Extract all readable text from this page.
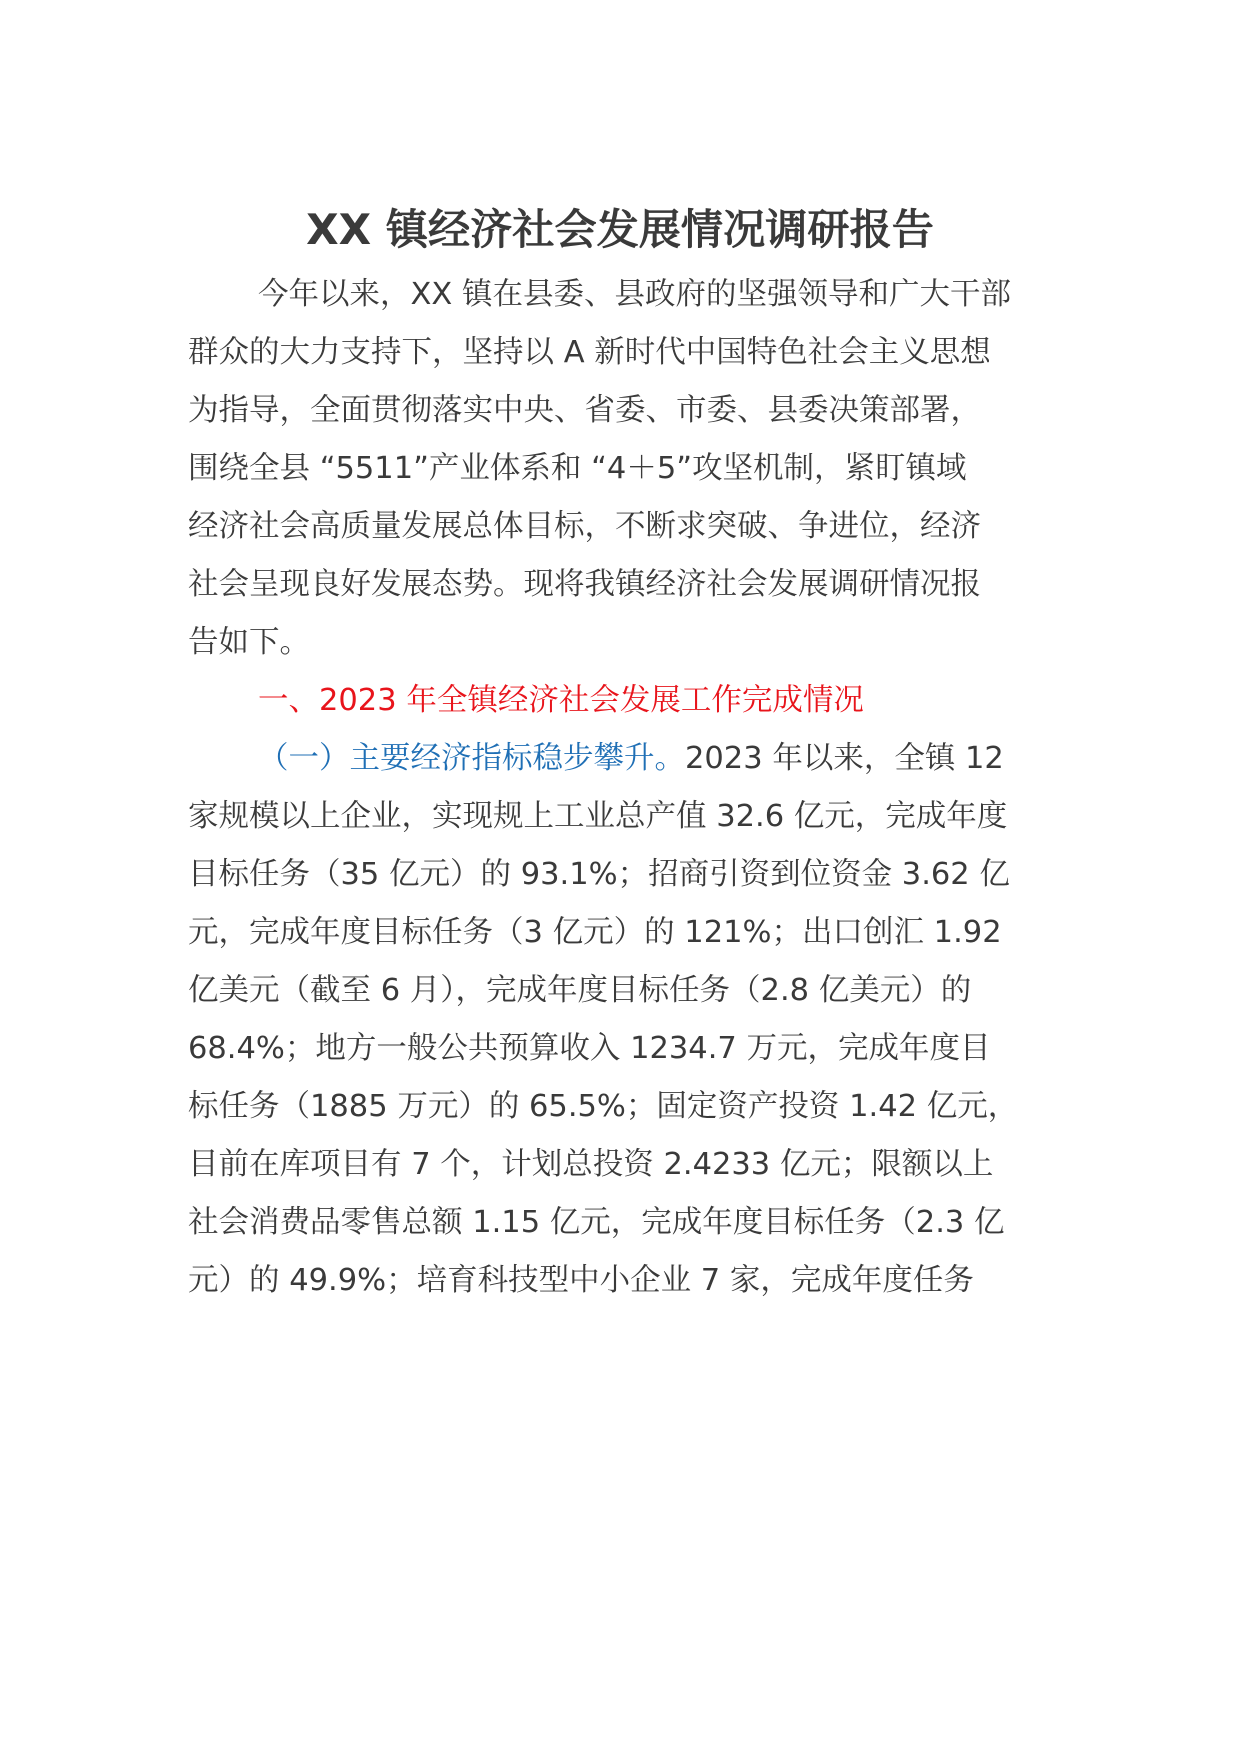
XX 镇经济社会发展情况调研报告

今年以来，XX 镇在县委、县政府的坚强领导和广大干部

群众的大力支持下，坚持以 A 新时代中国特色社会主义思想

为指导，全面贯彻落实中央、省委、市委、县委决策部署，

围绕全县 “5511”产业体系和 “4＋5”攻坚机制，紧盯镇域

经济社会高质量发展总体目标，不断求突破、争进位，经济

社会呈现良好发展态势。现将我镇经济社会发展调研情况报

告如下。

一、2023 年全镇经济社会发展工作完成情况

（一）主要经济指标稳步攀升。2023 年以来，全镇 12

家规模以上企业，实现规上工业总产值 32.6 亿元，完成年度

目标任务（35 亿元）的 93.1%；招商引资到位资金 3.62 亿

元，完成年度目标任务（3 亿元）的 121%；出口创汇 1.92

亿美元（截至 6 月），完成年度目标任务（2.8 亿美元）的

68.4%；地方一般公共预算收入 1234.7 万元，完成年度目

标任务（1885 万元）的 65.5%；固定资产投资 1.42 亿元，

目前在库项目有 7 个，计划总投资 2.4233 亿元；限额以上

社会消费品零售总额 1.15 亿元，完成年度目标任务（2.3 亿

元）的 49.9%；培育科技型中小企业 7 家，完成年度任务
